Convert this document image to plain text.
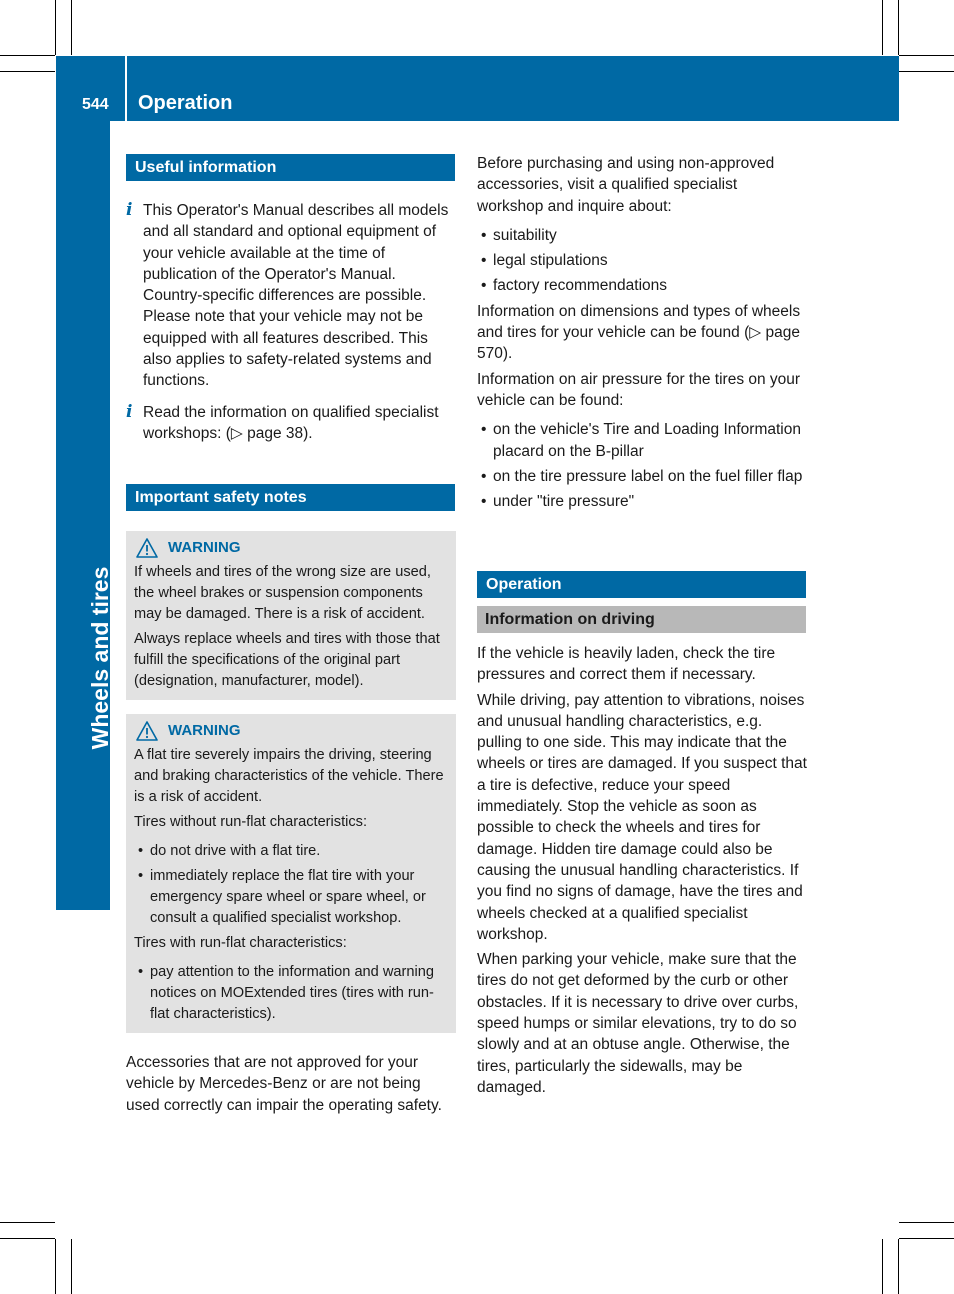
544 Operation
Wheels and tires
Useful information
i This Operator's Manual describes all models and all standard and optional equipment of your vehicle available at the time of publication of the Operator's Manual. Country-specific differences are possible. Please note that your vehicle may not be equipped with all features described. This also applies to safety-related systems and functions.

i Read the information on qualified specialist workshops: (▷ page 38).

Important safety notes
WARNING

If wheels and tires of the wrong size are used, the wheel brakes or suspension components may be damaged. There is a risk of accident.

Always replace wheels and tires with those that fulfill the specifications of the original part (designation, manufacturer, model).

WARNING

A flat tire severely impairs the driving, steering and braking characteristics of the vehicle. There is a risk of accident.

Tires without run-flat characteristics:

• do not drive with a flat tire.
• immediately replace the flat tire with your emergency spare wheel or spare wheel, or consult a qualified specialist workshop.

Tires with run-flat characteristics:

• pay attention to the information and warning notices on MOExtended tires (tires with run-flat characteristics).

Accessories that are not approved for your vehicle by Mercedes-Benz or are not being used correctly can impair the operating safety.

Before purchasing and using non-approved accessories, visit a qualified specialist workshop and inquire about:

• suitability
• legal stipulations
• factory recommendations

Information on dimensions and types of wheels and tires for your vehicle can be found (▷ page 570).

Information on air pressure for the tires on your vehicle can be found:

• on the vehicle's Tire and Loading Information placard on the B-pillar
• on the tire pressure label on the fuel filler flap
• under "tire pressure"
Operation
Information on driving

If the vehicle is heavily laden, check the tire pressures and correct them if necessary.

While driving, pay attention to vibrations, noises and unusual handling characteristics, e.g. pulling to one side. This may indicate that the wheels or tires are damaged. If you suspect that a tire is defective, reduce your speed immediately. Stop the vehicle as soon as possible to check the wheels and tires for damage. Hidden tire damage could also be causing the unusual handling characteristics. If you find no signs of damage, have the tires and wheels checked at a qualified specialist workshop.

When parking your vehicle, make sure that the tires do not get deformed by the curb or other obstacles. If it is necessary to drive over curbs, speed humps or similar elevations, try to do so slowly and at an obtuse angle. Otherwise, the tires, particularly the sidewalls, may be damaged.
